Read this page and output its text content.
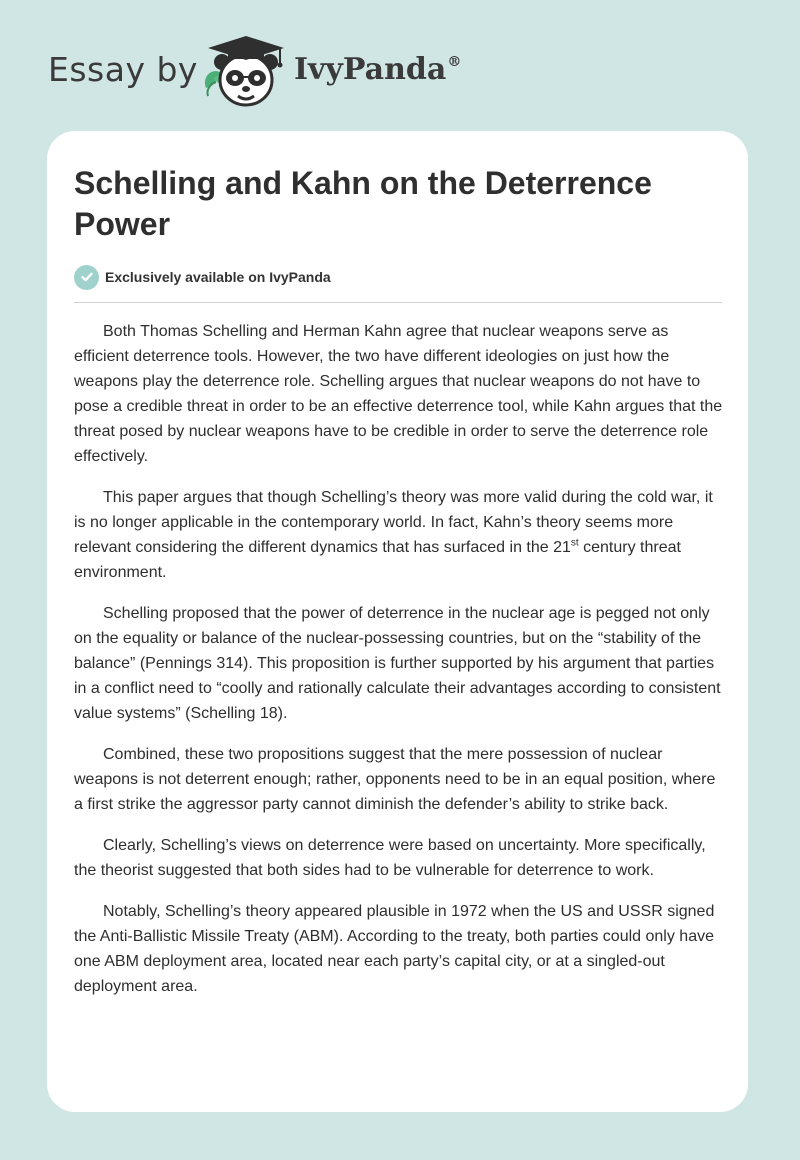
Essay by	IvyPanda®
Schelling and Kahn on the Deterrence Power
Exclusively available on IvyPanda

Both Thomas Schelling and Herman Kahn agree that nuclear weapons serve as efficient deterrence tools. However, the two have different ideologies on just how the weapons play the deterrence role. Schelling argues that nuclear weapons do not have to pose a credible threat in order to be an effective deterrence tool, while Kahn argues that the threat posed by nuclear weapons have to be credible in order to serve the deterrence role effectively.

This paper argues that though Schelling’s theory was more valid during the cold war, it is no longer applicable in the contemporary world. In fact, Kahn’s theory seems more relevant considering the different dynamics that has surfaced in the 21st century threat environment.

Schelling proposed that the power of deterrence in the nuclear age is pegged not only on the equality or balance of the nuclear-possessing countries, but on the “stability of the balance” (Pennings 314). This proposition is further supported by his argument that parties in a conflict need to “coolly and rationally calculate their advantages according to consistent value systems” (Schelling 18).

Combined, these two propositions suggest that the mere possession of nuclear weapons is not deterrent enough; rather, opponents need to be in an equal position, where a first strike the aggressor party cannot diminish the defender’s ability to strike back.

Clearly, Schelling’s views on deterrence were based on uncertainty. More specifically, the theorist suggested that both sides had to be vulnerable for deterrence to work.

Notably, Schelling’s theory appeared plausible in 1972 when the US and USSR signed the Anti-Ballistic Missile Treaty (ABM). According to the treaty, both parties could only have one ABM deployment area, located near each party’s capital city, or at a singled-out deployment area.
